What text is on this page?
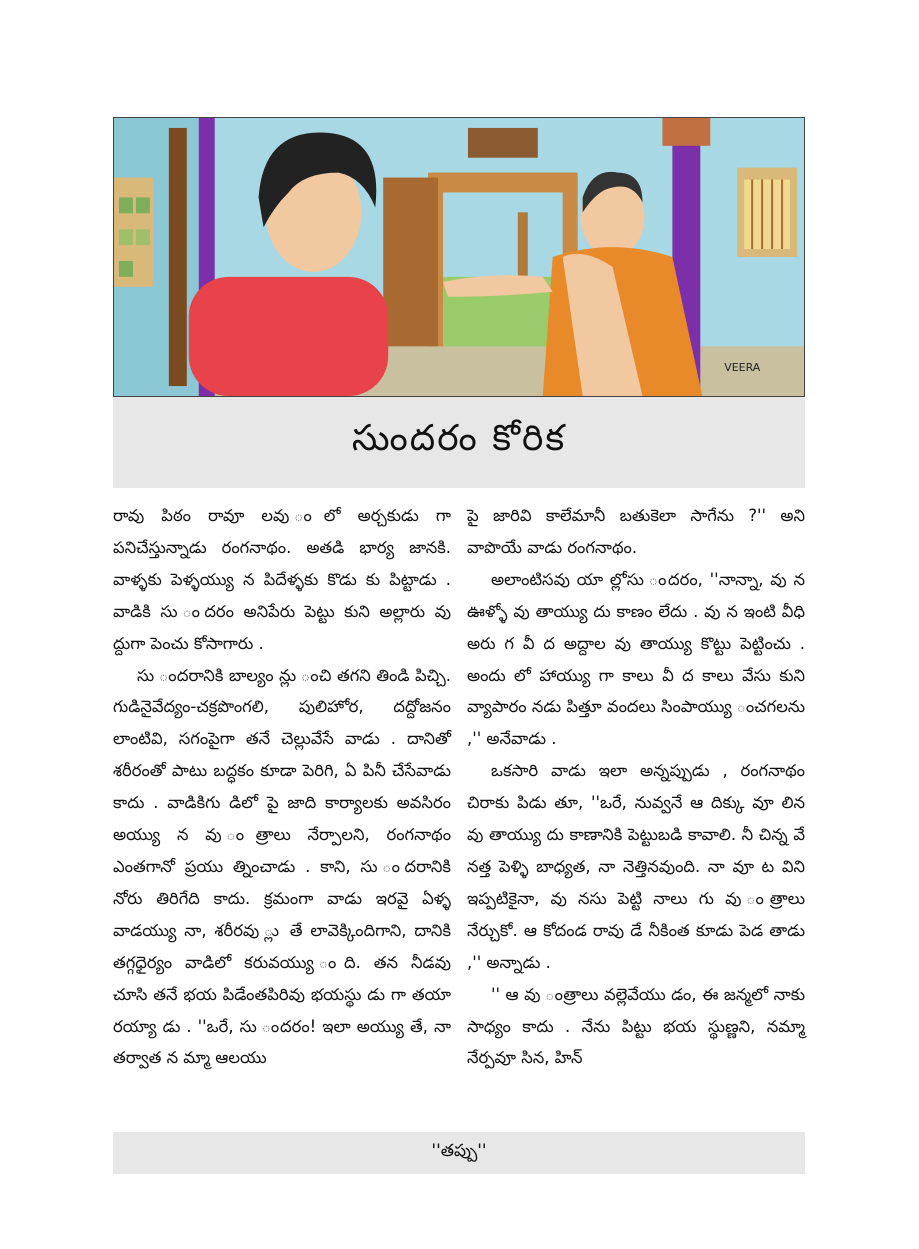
VEERA
సుందరం కోరిక

రావు పిఠం రావూ లవు ంలో అర్చకుడు గా పనిచేస్తున్నాడు రంగనాథం. అతడి భార్య జానకి. వాళ్ళకు పెళ్ళయ్యు న పిదేళ్ళకు కొడు కు పిట్టాడు . వాడికి సు ందరం అనిపేరు పెట్టు కుని అల్లారు వు ద్దుగా పెంచు కోసాగారు .

సు ందరానికి బాల్యం న్లు ంచి తగని తిండి పిచ్చి. గుడినైవేద్యం-చక్రపొంగలి, పులిహోర, దద్దోజనం లాంటివి, సగంపైగా తనే చెల్లువేసే వాడు . దానితో శరీరంతో పాటు బద్ధకం కూడా పెరిగి, ఏ పినీ చేసేవాడు కాదు . వాడికిగు డిలో పై జాది కార్యాలకు అవసిరం అయ్యు న వు ంత్రాలు నేర్పాలని, రంగనాథం ఎంతగానో ప్రయు త్నించాడు . కాని, సు ందరానికి నోరు తిరిగేది కాదు. క్రమంగా వాడు ఇరవై ఏళ్ళ వాడయ్యు నా, శరీరవు ్లు తే లావెక్కిందిగాని, దానికి తగ్గధైర్యం వాడిలో కరువయ్యు ంది. తన నీడవు చూసి తనే భయ పిడేంతపిరివు భయస్థు డు గా తయా రయ్యా డు . ''ఒరే, సు ందరం! ఇలా అయ్యు తే, నా తర్వాత న మ్మా ఆలయు

పై జారివి కాలేమానీ బతుకెలా సాగేను ?'' అని వాపొయే వాడు రంగనాథం.

అలాంటిసవు యా ల్లోసు ందరం, ''నాన్నా, వు న ఊళ్ళో వు తాయ్యు దు కాణం లేదు . వు న ఇంటి వీధి అరు గ వీ ద అద్దాల వు తాయ్యు కొట్టు పెట్టించు . అందు లో హాయ్యు గా కాలు వీ ద కాలు వేసు కుని వ్యాపారం నడు పిత్తూ వందలు సింపాయ్యు ంచగలను ,'' అనేవాడు .

ఒకసారి వాడు ఇలా అన్నప్పుడు , రంగనాథం చిరాకు పిడు తూ, ''ఒరే, నువ్వనే ఆ దిక్కు వూ లిన వు తాయ్యు దు కాణానికి పెట్టుబడి కావాలి. నీ చిన్న వే నత్త పెళ్ళి బాధ్యత, నా నెత్తినవుంది. నా వూ ట విని ఇప్పటికైనా, వు నసు పెట్టి నాలు గు వు ంత్రాలు నేర్చుకో. ఆ కోదండ రావు డే నీకింత కూడు పెడ తాడు ,'' అన్నాడు .

'' ఆ వు ంత్రాలు వల్లెవేయు డం, ఈ జన్మలో నాకు సాధ్యం కాదు . నేను పిట్టు భయ స్థుణ్ణని, నమ్మా నేర్పవూ సిన, హిన్

''తప్పు''
